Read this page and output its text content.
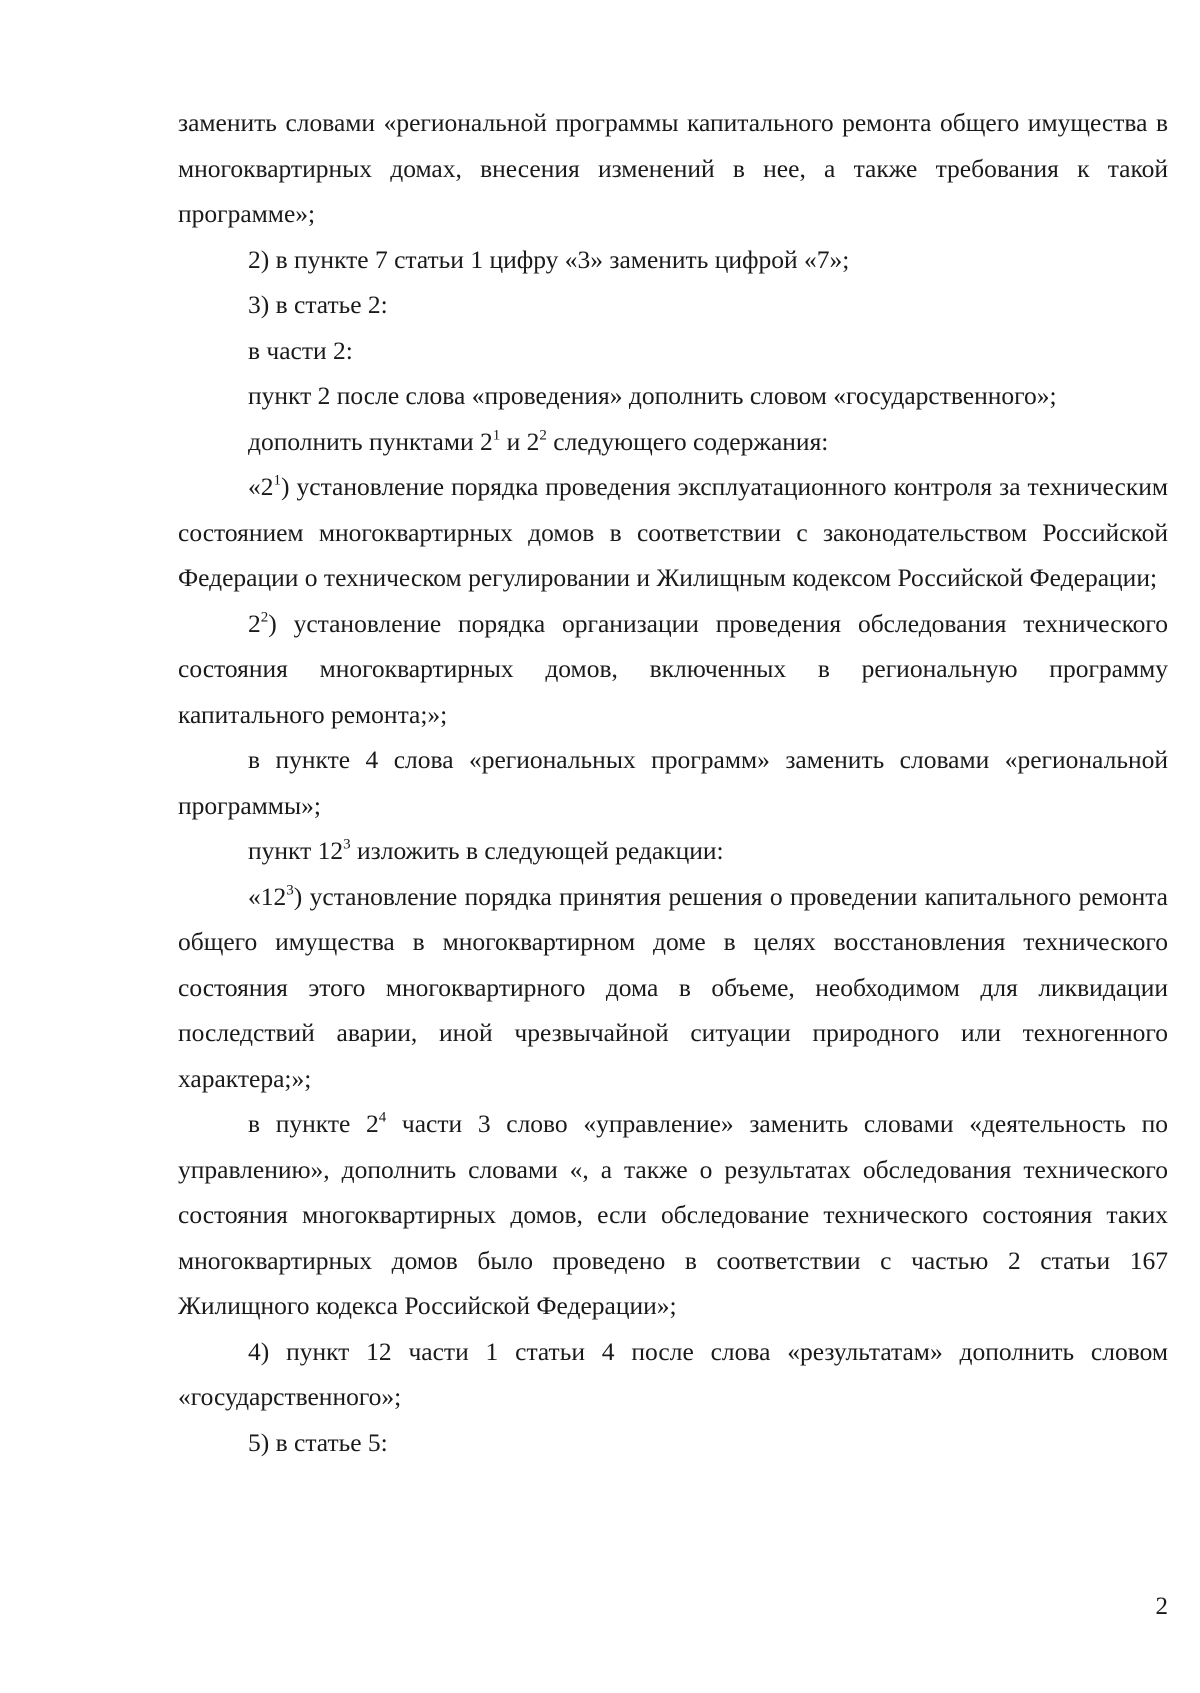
заменить словами «региональной программы капитального ремонта общего имущества в многоквартирных домах, внесения изменений в нее, а также требования к такой программе»;

2) в пункте 7 статьи 1 цифру «3» заменить цифрой «7»;

3) в статье 2:

в части 2:

пункт 2 после слова «проведения» дополнить словом «государственного»;

дополнить пунктами $2^1$ и $2^2$ следующего содержания:

«$2^1$) установление порядка проведения эксплуатационного контроля за техническим состоянием многоквартирных домов в соответствии с законодательством Российской Федерации о техническом регулировании и Жилищным кодексом Российской Федерации;

$2^2$) установление порядка организации проведения обследования технического состояния многоквартирных домов, включенных в региональную программу капитального ремонта;»;

в пункте 4 слова «региональных программ» заменить словами «региональной программы»;

пункт $12^3$ изложить в следующей редакции:

«$12^3$) установление порядка принятия решения о проведении капитального ремонта общего имущества в многоквартирном доме в целях восстановления технического состояния этого многоквартирного дома в объеме, необходимом для ликвидации последствий аварии, иной чрезвычайной ситуации природного или техногенного характера;»;

в пункте $2^4$ части 3 слово «управление» заменить словами «деятельность по управлению», дополнить словами «, а также о результатах обследования технического состояния многоквартирных домов, если обследование технического состояния таких многоквартирных домов было проведено в соответствии с частью 2 статьи 167 Жилищного кодекса Российской Федерации»;

4) пункт 12 части 1 статьи 4 после слова «результатам» дополнить словом «государственного»;

5) в статье 5:

2
